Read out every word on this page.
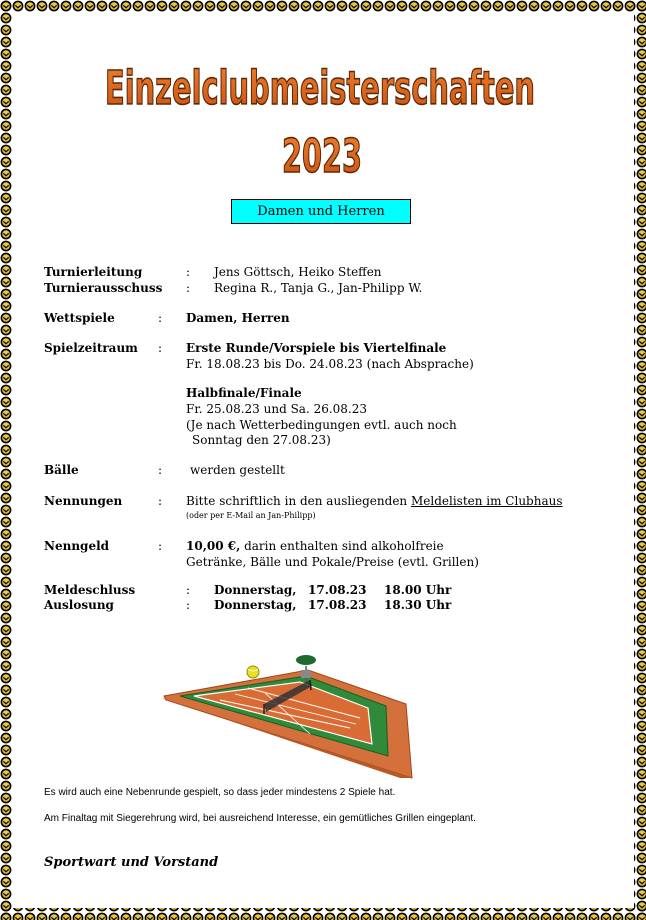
Einzelclubmeisterschaften
2023
Damen und Herren
Turnierleitung	: Jens Göttsch, Heiko Steffen
Turnierausschuss : Regina R., Tanja G., Jan-Philipp W.
Wettspiele	: Damen, Herren
Spielzeitraum : Erste Runde/Vorspiele bis Viertelfinale
Fr. 18.08.23 bis Do. 24.08.23 (nach Absprache)
Halbfinale/Finale
Fr. 25.08.23 und Sa. 26.08.23
(Je nach Wetterbedingungen evtl. auch noch
Sonntag den 27.08.23)
Bälle	: werden gestellt
Nennungen	: Bitte schriftlich in den ausliegenden Meldelisten im Clubhaus
(oder per E-Mail an Jan-Philipp)
Nenngeld	: 10,00 €, darin enthalten sind alkoholfreie
Getränke, Bälle und Pokale/Preise (evtl. Grillen)
Meldeschluss	: Donnerstag, 17.08.23 18.00 Uhr
Auslosung	: Donnerstag, 17.08.23 18.30 Uhr
Es wird auch eine Nebenrunde gespielt, so dass jeder mindestens 2 Spiele hat.
Am Finaltag mit Siegerehrung wird, bei ausreichend Interesse, ein gemütliches Grillen eingeplant.
Sportwart und Vorstand
